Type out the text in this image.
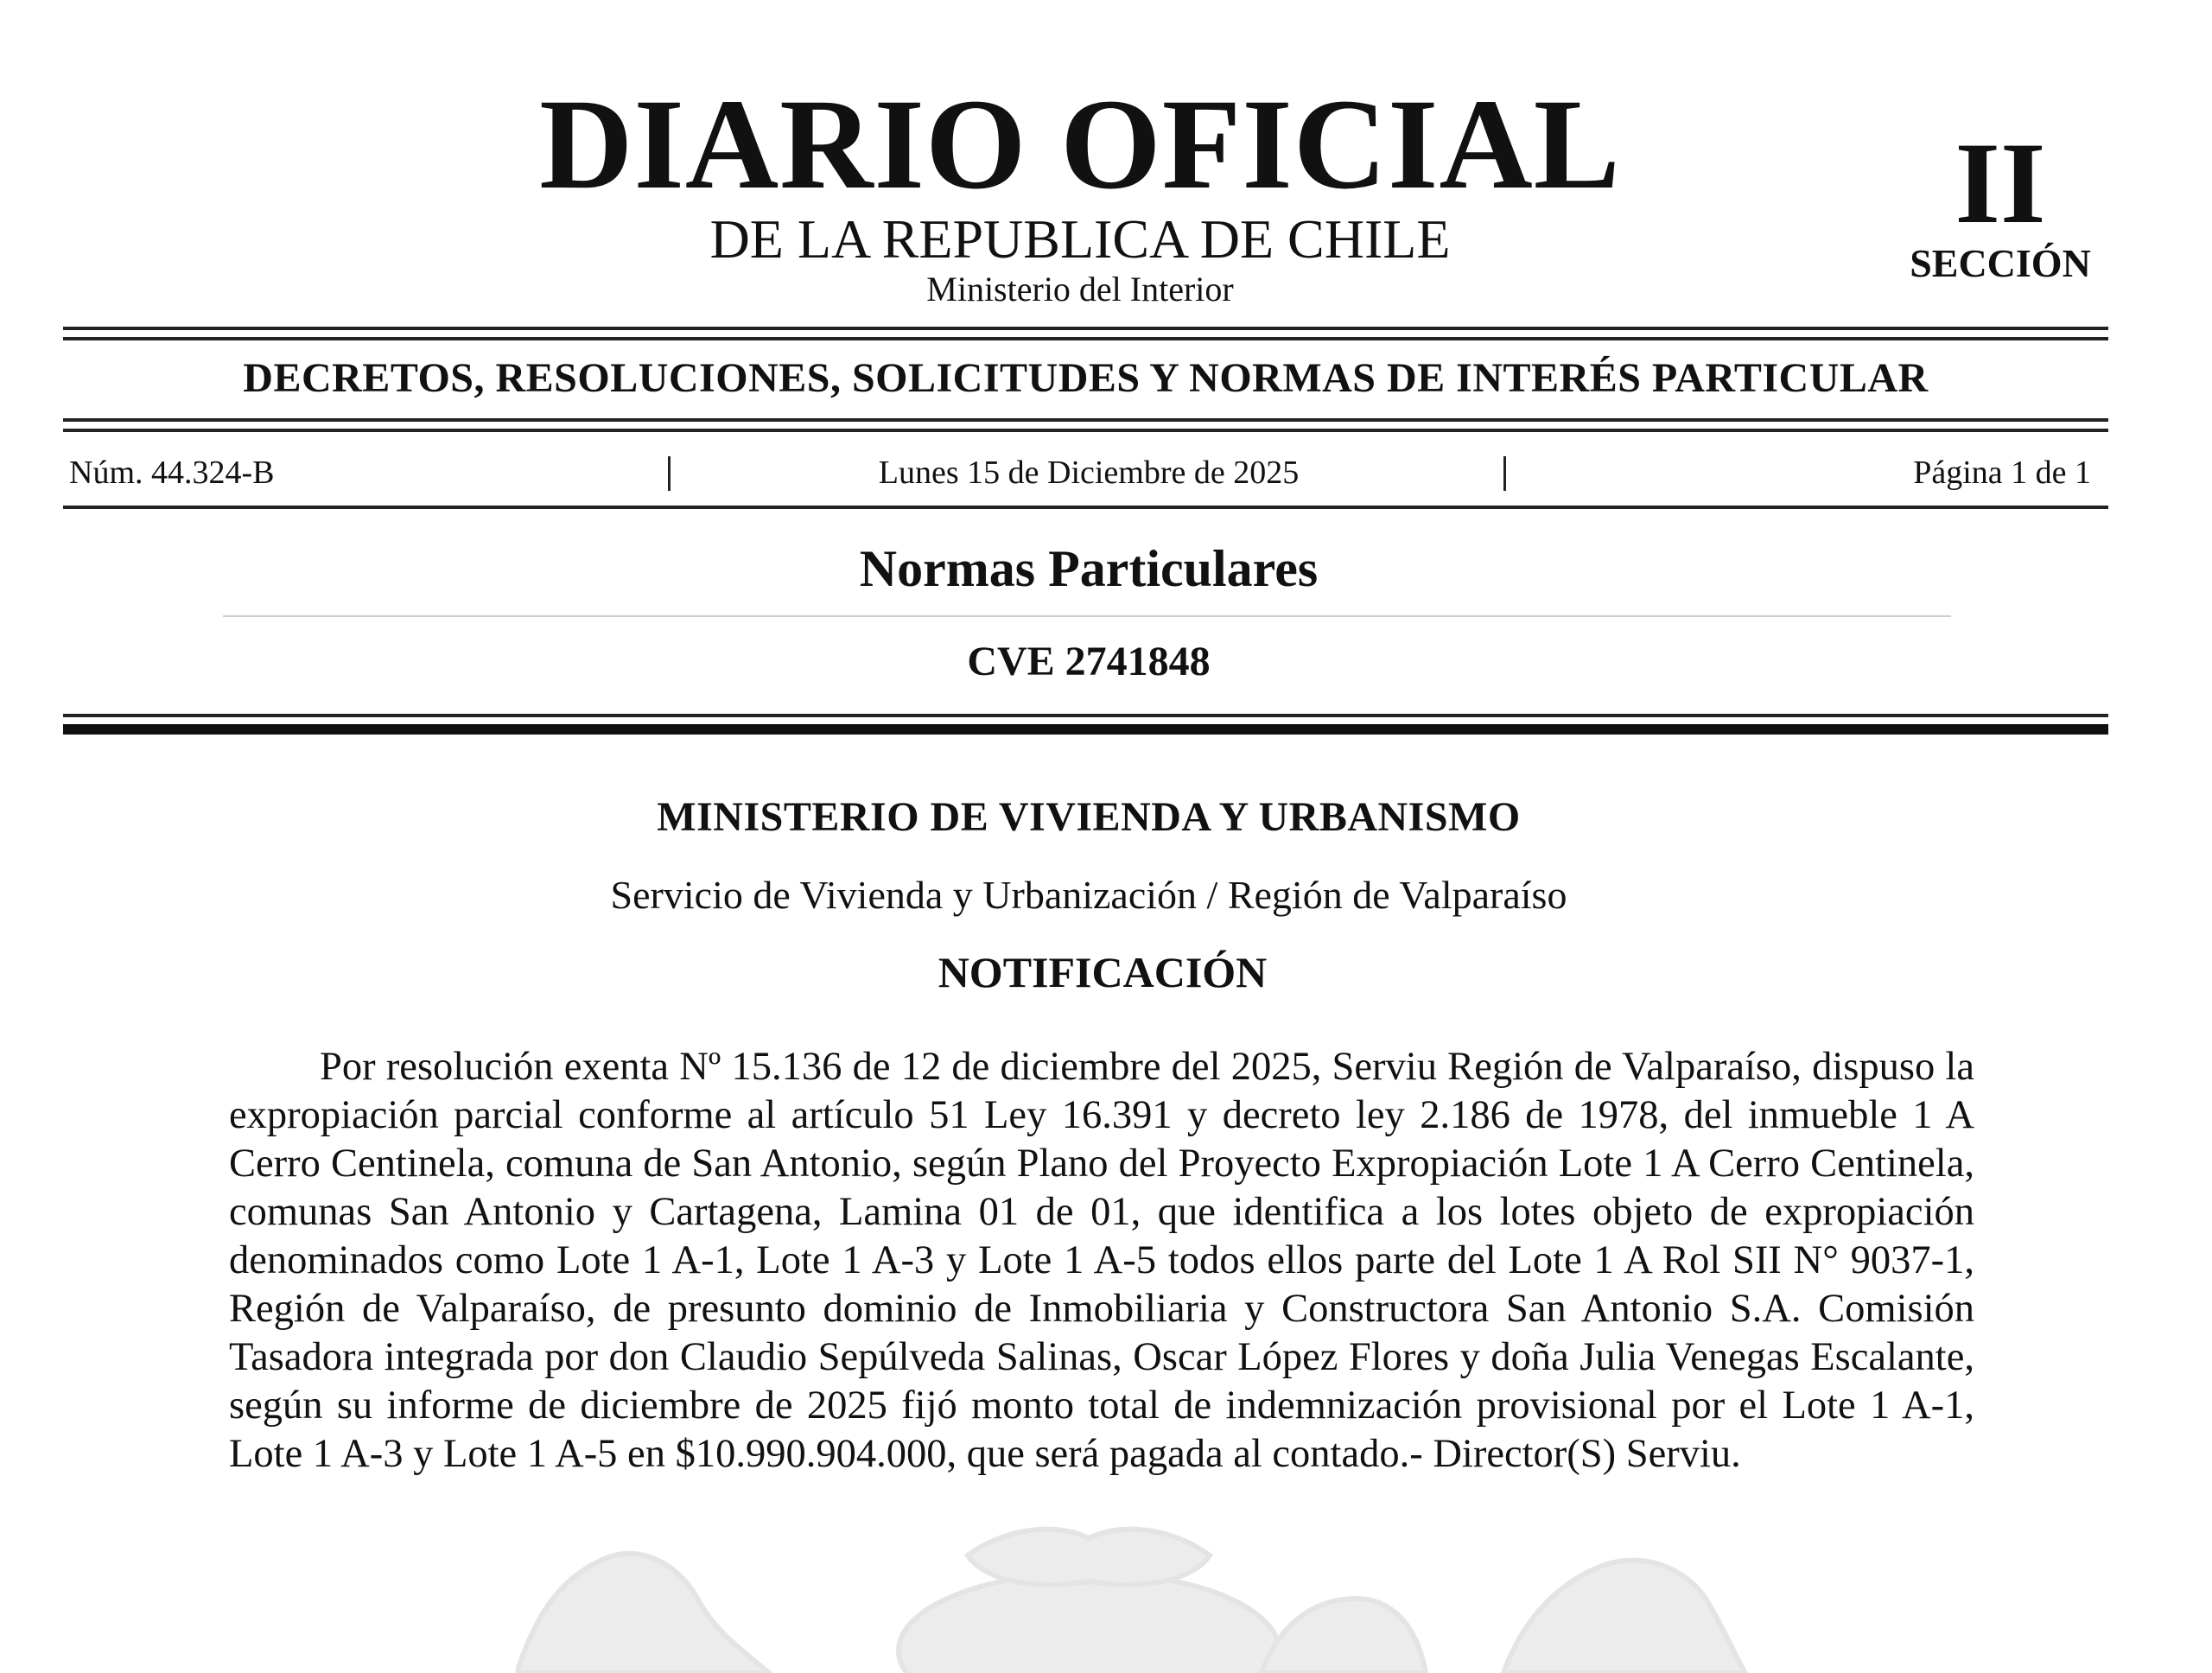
DIARIO OFICIAL
DE LA REPUBLICA DE CHILE
Ministerio del Interior
II
SECCIÓN
DECRETOS, RESOLUCIONES, SOLICITUDES Y NORMAS DE INTERÉS PARTICULAR
Núm. 44.324-B	Lunes 15 de Diciembre de 2025	Página 1 de 1
Normas Particulares
CVE 2741848
MINISTERIO DE VIVIENDA Y URBANISMO
Servicio de Vivienda y Urbanización / Región de Valparaíso
NOTIFICACIÓN

Por resolución exenta Nº 15.136 de 12 de diciembre del 2025, Serviu Región de Valparaíso, dispuso la expropiación parcial conforme al artículo 51 Ley 16.391 y decreto ley 2.186 de 1978, del inmueble 1 A Cerro Centinela, comuna de San Antonio, según Plano del Proyecto Expropiación Lote 1 A Cerro Centinela, comunas San Antonio y Cartagena, Lamina 01 de 01, que identifica a los lotes objeto de expropiación denominados como Lote 1 A-1, Lote 1 A-3 y Lote 1 A-5 todos ellos parte del Lote 1 A Rol SII N° 9037-1, Región de Valparaíso, de presunto dominio de Inmobiliaria y Constructora San Antonio S.A. Comisión Tasadora integrada por don Claudio Sepúlveda Salinas, Oscar López Flores y doña Julia Venegas Escalante, según su informe de diciembre de 2025 fijó monto total de indemnización provisional por el Lote 1 A-1, Lote 1 A-3 y Lote 1 A-5 en $10.990.904.000, que será pagada al contado.- Director(S) Serviu.
